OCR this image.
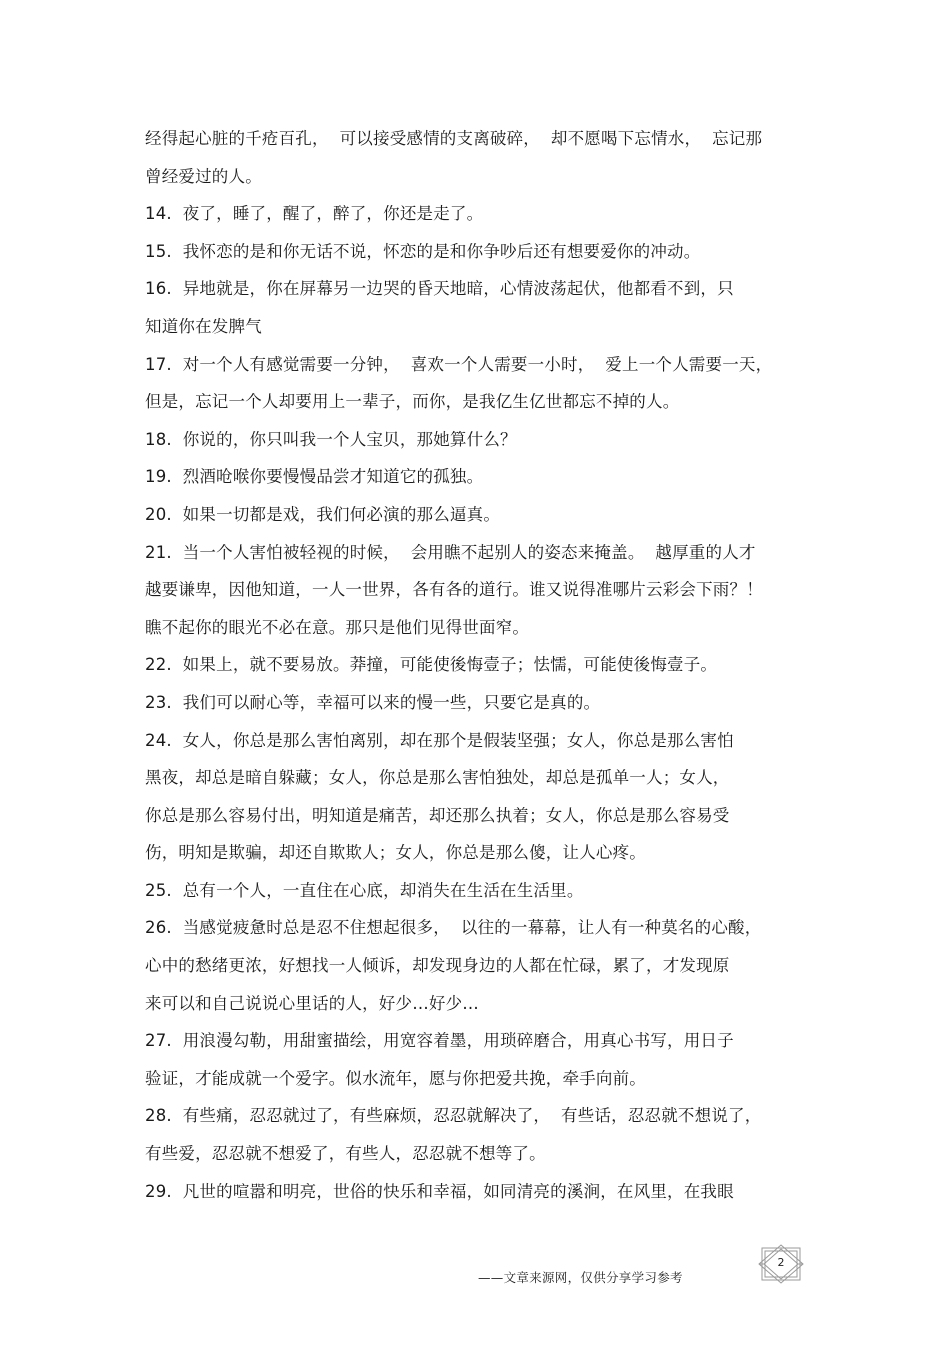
经得起心脏的千疮百孔，  可以接受感情的支离破碎，  却不愿喝下忘情水，  忘记那
曾经爱过的人。
14.  夜了，睡了，醒了，醉了，你还是走了。
15.  我怀恋的是和你无话不说，怀恋的是和你争吵后还有想要爱你的冲动。
16.  异地就是，你在屏幕另一边哭的昏天地暗，心情波荡起伏，他都看不到，只
知道你在发脾气
17.  对一个人有感觉需要一分钟，  喜欢一个人需要一小时，  爱上一个人需要一天，
但是，忘记一个人却要用上一辈子，而你，是我亿生亿世都忘不掉的人。
18.  你说的，你只叫我一个人宝贝，那她算什么？
19.  烈酒呛喉你要慢慢品尝才知道它的孤独。
20.  如果一切都是戏，我们何必演的那么逼真。
21.  当一个人害怕被轻视的时候，  会用瞧不起别人的姿态来掩盖。  越厚重的人才
越要谦卑，因他知道，一人一世界，各有各的道行。谁又说得准哪片云彩会下雨？！
瞧不起你的眼光不必在意。那只是他们见得世面窄。
22.  如果上，就不要易放。莽撞，可能使後悔壹子；怯懦，可能使後悔壹子。
23.  我们可以耐心等，幸福可以来的慢一些，只要它是真的。
24.  女人，你总是那么害怕离别，却在那个是假装坚强；女人，你总是那么害怕
黑夜，却总是暗自躲藏；女人，你总是那么害怕独处，却总是孤单一人；女人，
你总是那么容易付出，明知道是痛苦，却还那么执着；女人，你总是那么容易受
伤，明知是欺骗，却还自欺欺人；女人，你总是那么傻，让人心疼。
25.  总有一个人，一直住在心底，却消失在生活在生活里。
26.  当感觉疲惫时总是忍不住想起很多，  以往的一幕幕，让人有一种莫名的心酸，
心中的愁绪更浓，好想找一人倾诉，却发现身边的人都在忙碌，累了，才发现原
来可以和自己说说心里话的人，好少…好少…
27.  用浪漫勾勒，用甜蜜描绘，用宽容着墨，用琐碎磨合，用真心书写，用日子
验证，才能成就一个爱字。似水流年，愿与你把爱共挽，牵手向前。
28.  有些痛，忍忍就过了，有些麻烦，忍忍就解决了，  有些话，忍忍就不想说了，
有些爱，忍忍就不想爱了，有些人，忍忍就不想等了。
29.  凡世的喧嚣和明亮，世俗的快乐和幸福，如同清亮的溪涧，在风里，在我眼
——文章来源网，仅供分享学习参考
2
